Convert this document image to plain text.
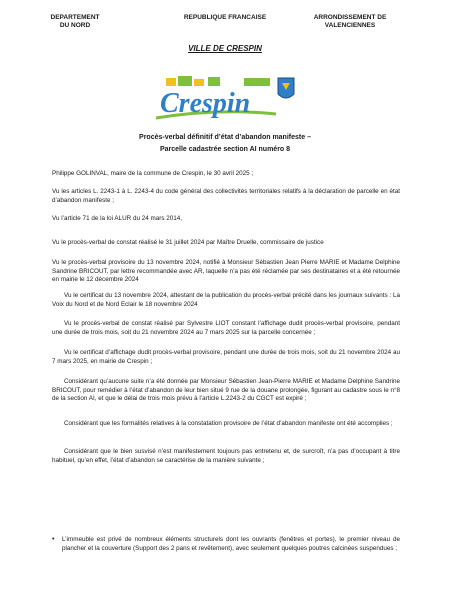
DEPARTEMENT
DU NORD
REPUBLIQUE FRANCAISE	ARRONDISSEMENT DE
VALENCIENNES
VILLE DE CRESPIN
Crespin
Procès-verbal définitif d’état d’abandon manifeste –
Parcelle cadastrée section AI numéro 8
Philippe GOLINVAL, maire de la commune de Crespin, le 30 avril 2025 ;
Vu les articles L. 2243-1 à L. 2243-4 du code général des collectivités territoriales relatifs à la déclaration de parcelle en état d’abandon manifeste ;
Vu l’article 71 de la loi ALUR du 24 mars 2014,
Vu le procès-verbal de constat réalisé le 31 juillet 2024 par Maître Druelle, commissaire de justice
Vu le procès-verbal provisoire du 13 novembre 2024, notifié à Monsieur Sébastien Jean Pierre MARIE et Madame Delphine Sandrine BRICOUT, par lettre recommandée avec AR, laquelle n’a pas été réclamée par ses destinataires et a été retournée en mairie le 12 décembre 2024
Vu le certificat du 13 novembre 2024, attestant de la publication du procès-verbal précité dans les journaux suivants : La Voix du Nord et de Nord Eclair le 18 novembre 2024
Vu le procès-verbal de constat réalisé par Sylvestre LIOT constant l’affichage dudit procès-verbal provisoire, pendant une durée de trois mois, soit du 21 novembre 2024 au 7 mars 2025 sur la parcelle concernée ;
Vu le certificat d’affichage dudit procès-verbal provisoire, pendant une durée de trois mois, soit du 21 novembre 2024 au 7 mars 2025, en mairie de Crespin ;
Considérant qu’aucune suite n’a été donnée par Monsieur Sébastien Jean-Pierre MARIE et Madame Delphine Sandrine BRICOUT, pour remédier à l’état d’abandon de leur bien situé 9 rue de la douane prolongée, figurant au cadastre sous le n°8 de la section AI, et que le délai de trois mois prévu à l’article L.2243-2 du CGCT est expiré ;
Considérant que les formalités relatives à la constatation provisoire de l’état d’abandon manifeste ont été accomplies ;
Considérant que le bien susvisé n’est manifestement toujours pas entretenu et, de surcroît, n’a pas d’occupant à titre habituel, qu’en effet, l’état d’abandon se caractérise de la manière suivante ;
• L’immeuble est privé de nombreux éléments structurels dont les ouvrants (fenêtres et portes), le premier niveau de plancher et la couverture (Support des 2 pans et revêtement), avec seulement quelques poutres calcinées suspendues ;
